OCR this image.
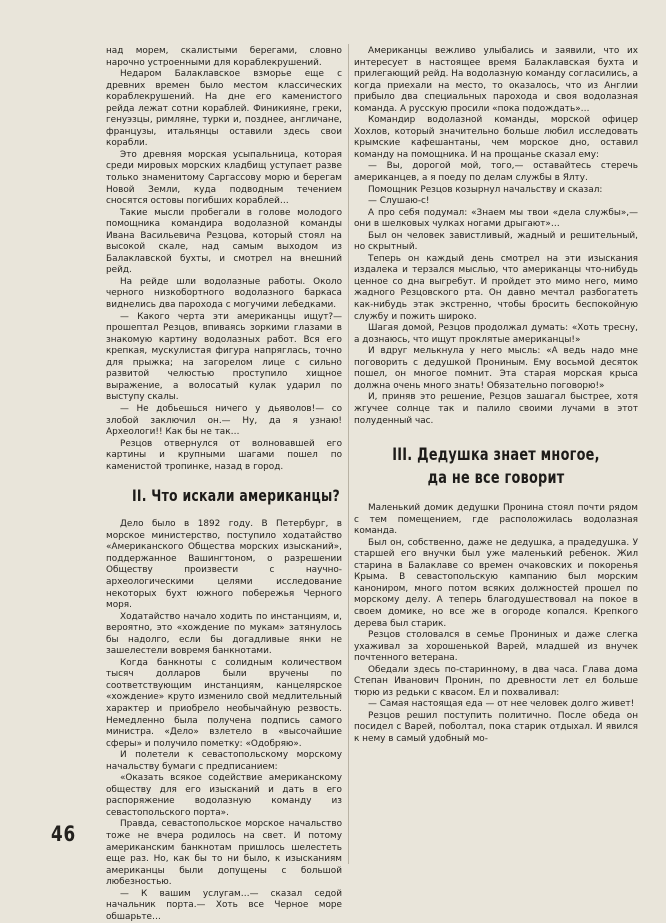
над морем, скалистыми берегами, словно нарочно устроенными для кораблекрушений.

Недаром Балаклавское взморье еще с древних времен было местом классических кораблекрушений. На дне его каменистого рейда лежат сотни кораблей. Финикияне, греки, генуэзцы, римляне, турки и, позднее, англичане, французы, итальянцы оставили здесь свои корабли.

Это древняя морская усыпальница, которая среди мировых морских кладбищ уступает разве только знаменитому Саргассову морю и берегам Новой Земли, куда подводным течением сносятся остовы погибших кораблей…

Такие мысли пробегали в голове молодого помощника командира водолазной команды Ивана Васильевича Резцова, который стоял на высокой скале, над самым выходом из Балаклавской бухты, и смотрел на внешний рейд.

На рейде шли водолазные работы. Около черного низкобортного водолазного баркаса виднелись два парохода с могучими лебедками.

— Какого черта эти американцы ищут?— прошептал Резцов, впиваясь зоркими глазами в знакомую картину водолазных работ. Вся его крепкая, мускулистая фигура напряглась, точно для прыжка; на загорелом лице с сильно развитой челюстью проступило хищное выражение, а волосатый кулак ударил по выступу скалы.

— Не добьешься ничего у дьяволов!— со злобой заключил он.— Ну, да я узнаю! Археологи!! Как бы не так…

Резцов отвернулся от волновавшей его картины и крупными шагами пошел по каменистой тропинке, назад в город.

II. Что искали американцы?

Дело было в 1892 году. В Петербург, в морское министерство, поступило ходатайство «Американского Общества морских изысканий», поддержанное Вашингтоном, о разрешении Обществу произвести с научно-археологическими целями исследование некоторых бухт южного побережья Черного моря.

Ходатайство начало ходить по инстанциям, и, вероятно, это «хождение по мукам» затянулось бы надолго, если бы догадливые янки не зашелестели вовремя банкнотами.

Когда банкноты с солидным количеством тысяч долларов были вручены по соответствующим инстанциям, канцелярское «хождение» круто изменило свой медлительный характер и приобрело необычайную резвость. Немедленно была получена подпись самого министра. «Дело» взлетело в «высочайшие сферы» и получило пометку: «Одобряю».

И полетели к севастопольскому морскому начальству бумаги с предписанием:

«Оказать всякое содействие американскому обществу для его изысканий и дать в его распоряжение водолазную команду из севастопольского порта».

Правда, севастопольское морское начальство тоже не вчера родилось на свет. И потому американским банкнотам пришлось шелестеть еще раз. Но, как бы то ни было, к изысканиям американцы были допущены с большой любезностью.

— К вашим услугам…— сказал седой начальник порта.— Хоть все Черное море обшарьте…

Американцы вежливо улыбались и заявили, что их интересует в настоящее время Балаклавская бухта и прилегающий рейд. На водолазную команду согласились, а когда приехали на место, то оказалось, что из Англии прибыло два специальных парохода и своя водолазная команда. А русскую просили «пока подождать»…

Командир водолазной команды, морской офицер Хохлов, который значительно больше любил исследовать крымские кафешантаны, чем морское дно, оставил команду на помощника. И на прощанье сказал ему:

— Вы, дорогой мой, того,— оставайтесь стеречь американцев, а я поеду по делам службы в Ялту.

Помощник Резцов козырнул начальству и сказал:

— Слушаю-с!

А про себя подумал: «Знаем мы твои «дела службы»,— они в шелковых чулках ногами дрыгают»…

Был он человек завистливый, жадный и решительный, но скрытный.

Теперь он каждый день смотрел на эти изыскания издалека и терзался мыслью, что американцы что-нибудь ценное со дна выгребут. И пройдет это мимо него, мимо жадного Резцовского рта. Он давно мечтал разбогатеть как-нибудь этак экстренно, чтобы бросить беспокойную службу и пожить широко.

Шагая домой, Резцов продолжал думать: «Хоть тресну, а дознаюсь, что ищут проклятые американцы!»

И вдруг мелькнула у него мысль: «А ведь надо мне поговорить с дедушкой Прониным. Ему восьмой десяток пошел, он многое помнит. Эта старая морская крыса должна очень много знать! Обязательно поговорю!»

И, приняв это решение, Резцов зашагал быстрее, хотя жгучее солнце так и палило своими лучами в этот полуденный час.

III. Дедушка знает многое,
да не все говорит

Маленький домик дедушки Пронина стоял почти рядом с тем помещением, где расположилась водолазная команда.

Был он, собственно, даже не дедушка, а прадедушка. У старшей его внучки был уже маленький ребенок. Жил старина в Балаклаве со времен очаковских и покоренья Крыма. В севастопольскую кампанию был морским канониром, много потом всяких должностей прошел по морскому делу. А теперь благодушествовал на покое в своем домике, но все же в огороде копался. Крепкого дерева был старик.

Резцов столовался в семье Прониных и даже слегка ухаживал за хорошенькой Варей, младшей из внучек почтенного ветерана.

Обедали здесь по-старинному, в два часа. Глава дома Степан Иванович Пронин, по древности лет ел больше тюрю из редьки с квасом. Ел и похваливал:

— Самая настоящая еда — от нее человек долго живет!

Резцов решил поступить политично. После обеда он посидел с Варей, поболтал, пока старик отдыхал. И явился к нему в самый удобный мо-

46
